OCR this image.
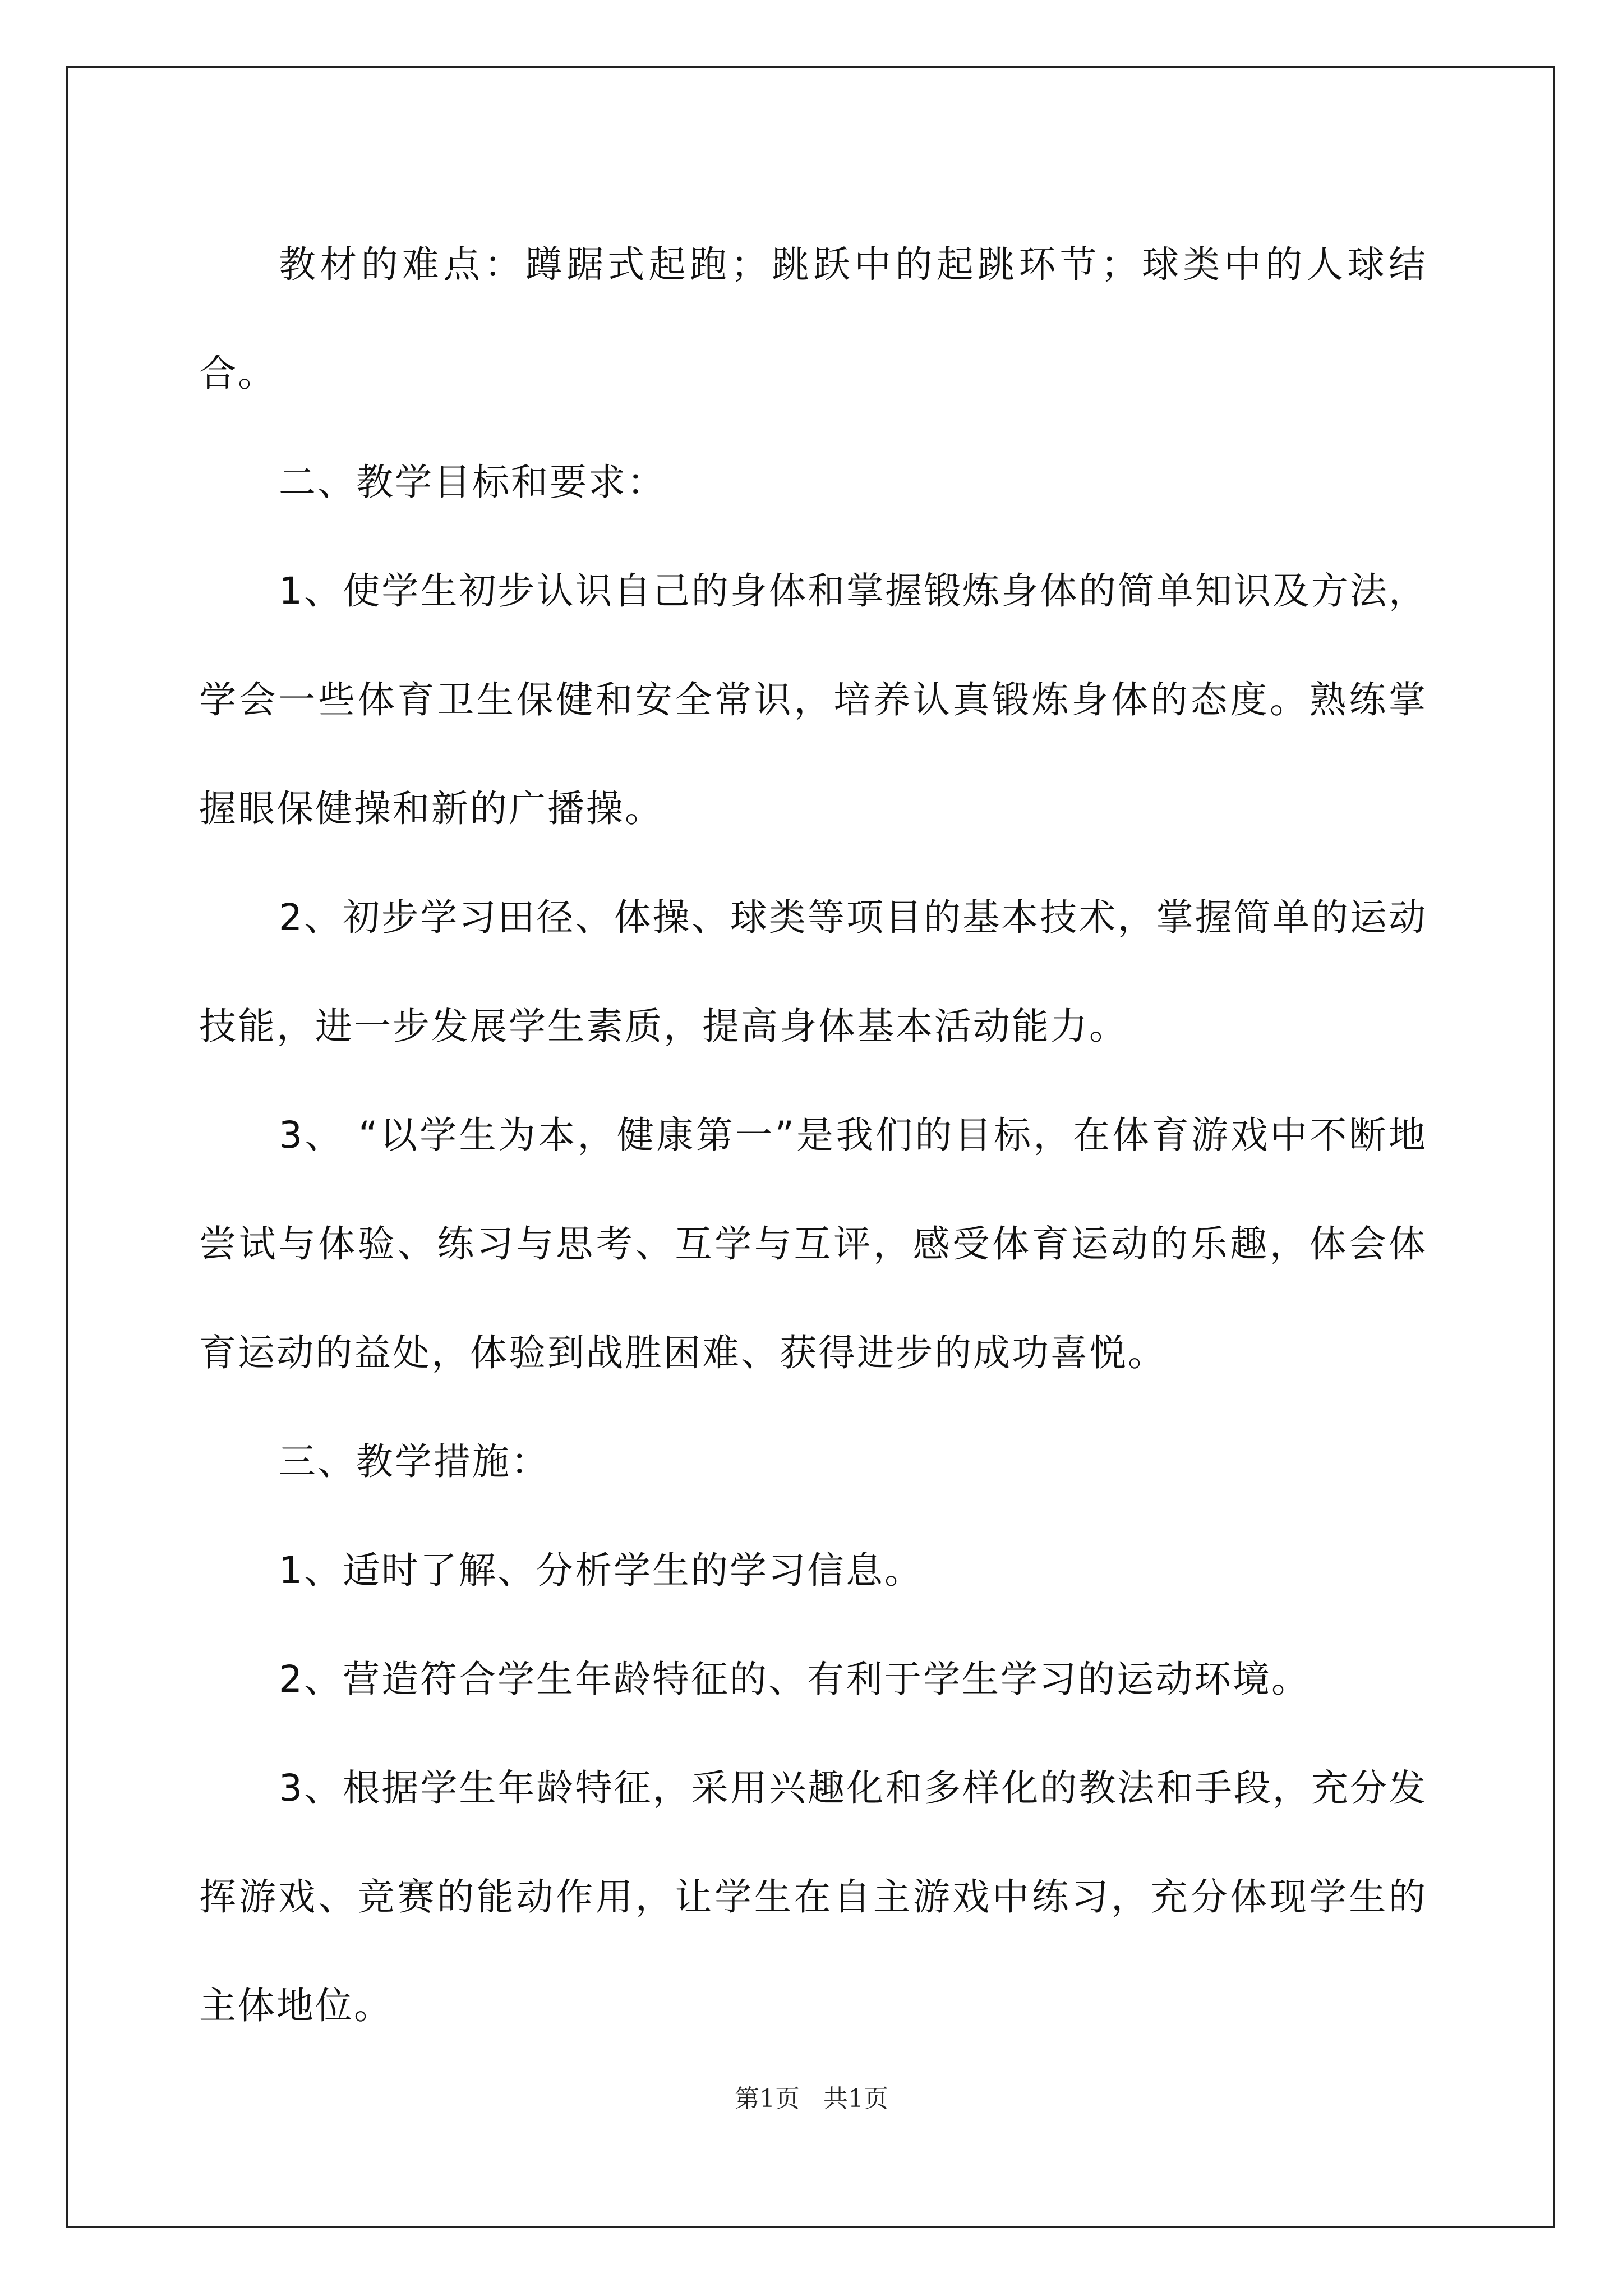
教材的难点：蹲踞式起跑；跳跃中的起跳环节；球类中的人球结合。

二、教学目标和要求：

1、使学生初步认识自己的身体和掌握锻炼身体的简单知识及方法，学会一些体育卫生保健和安全常识，培养认真锻炼身体的态度。熟练掌握眼保健操和新的广播操。

2、初步学习田径、体操、球类等项目的基本技术，掌握简单的运动技能，进一步发展学生素质，提高身体基本活动能力。

3、 “以学生为本，健康第一”是我们的目标，在体育游戏中不断地尝试与体验、练习与思考、互学与互评，感受体育运动的乐趣，体会体育运动的益处，体验到战胜困难、获得进步的成功喜悦。

三、教学措施：

1、适时了解、分析学生的学习信息。

2、营造符合学生年龄特征的、有利于学生学习的运动环境。

3、根据学生年龄特征，采用兴趣化和多样化的教法和手段，充分发挥游戏、竞赛的能动作用，让学生在自主游戏中练习，充分体现学生的主体地位。

第1页   共1页
